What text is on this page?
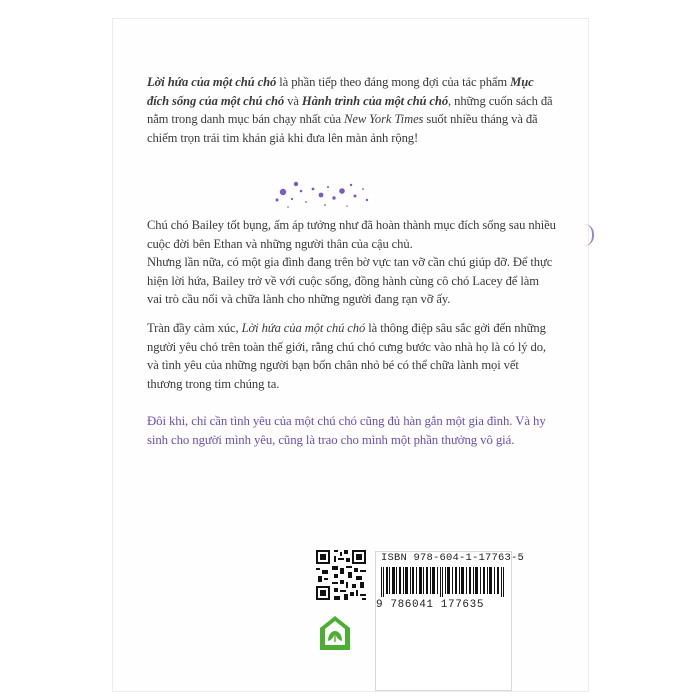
Lời hứa của một chú chó là phần tiếp theo đáng mong đợi của tác phẩm Mục đích sống của một chú chó và Hành trình của một chú chó, những cuốn sách đã nằm trong danh mục bán chạy nhất của New York Times suốt nhiều tháng và đã chiếm trọn trái tim khán giả khi đưa lên màn ảnh rộng!

Chú chó Bailey tốt bụng, ấm áp tưởng như đã hoàn thành mục đích sống sau nhiều cuộc đời bên Ethan và những người thân của cậu chủ.

Nhưng lần nữa, có một gia đình đang trên bờ vực tan vỡ cần chú giúp đỡ. Để thực hiện lời hứa, Bailey trở về với cuộc sống, đồng hành cùng cô chó Lacey để làm vai trò cầu nối và chữa lành cho những người đang rạn vỡ ấy.

Tràn đầy cảm xúc, Lời hứa của một chú chó là thông điệp sâu sắc gởi đến những người yêu chó trên toàn thế giới, rằng chú chó cưng bước vào nhà họ là có lý do, và tình yêu của những người bạn bốn chân nhỏ bé có thể chữa lành mọi vết thương trong tim chúng ta.

Đôi khi, chỉ cần tình yêu của một chú chó cũng đủ hàn gắn một gia đình. Và hy sinh cho người mình yêu, cũng là trao cho mình một phần thưởng vô giá.

ISBN 978-604-1-17763-5
9 786041 177635
